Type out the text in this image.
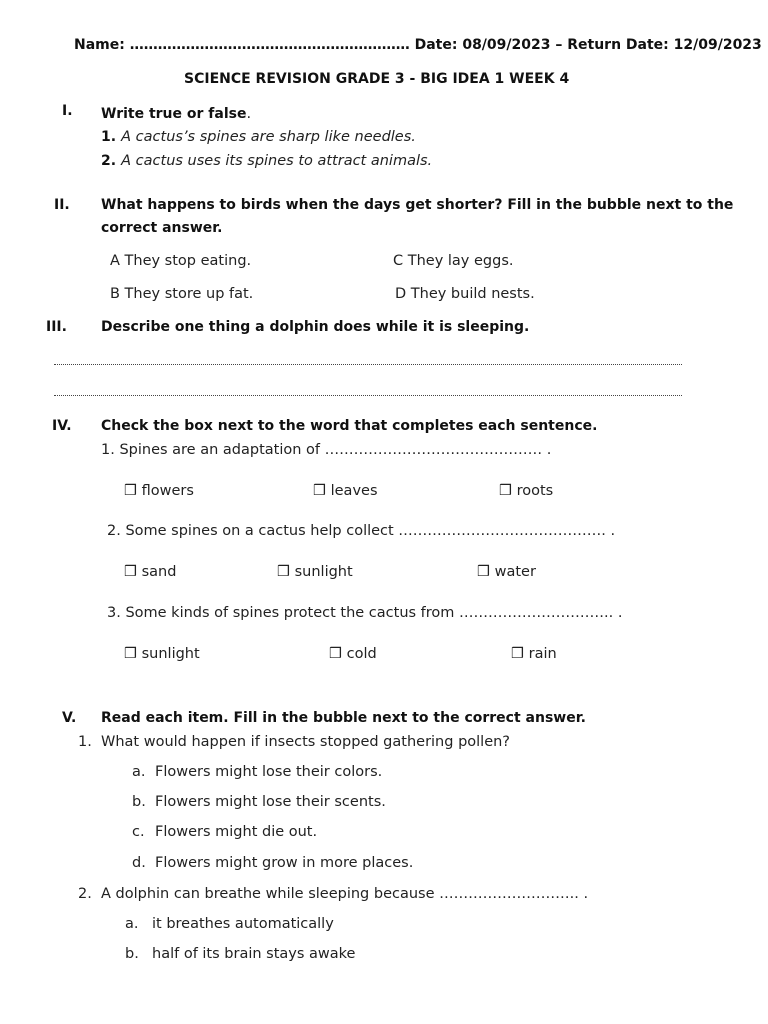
Name: …………………………………………………… Date: 08/09/2023 – Return Date: 12/09/2023
SCIENCE REVISION GRADE 3 - BIG IDEA 1 WEEK 4
I. Write true or false.
1. A cactus’s spines are sharp like needles.
2. A cactus uses its spines to attract animals.
II. What happens to birds when the days get shorter? Fill in the bubble next to the
correct answer.
A They stop eating.	C They lay eggs.
B They store up fat.	D They build nests.
III. Describe one thing a dolphin does while it is sleeping.
IV. Check the box next to the word that completes each sentence.
1. Spines are an adaptation of ……………………………………… .
❒ flowers	❒ leaves	❒ roots
2. Some spines on a cactus help collect ……………………………………. .
❒ sand	❒ sunlight	❒ water
3. Some kinds of spines protect the cactus from ………………………….. .
❒ sunlight	❒ cold	❒ rain
V. Read each item. Fill in the bubble next to the correct answer.
1. What would happen if insects stopped gathering pollen?
a. Flowers might lose their colors.
b. Flowers might lose their scents.
c. Flowers might die out.
d. Flowers might grow in more places.
2. A dolphin can breathe while sleeping because ……………………….. .
a. it breathes automatically
b. half of its brain stays awake
